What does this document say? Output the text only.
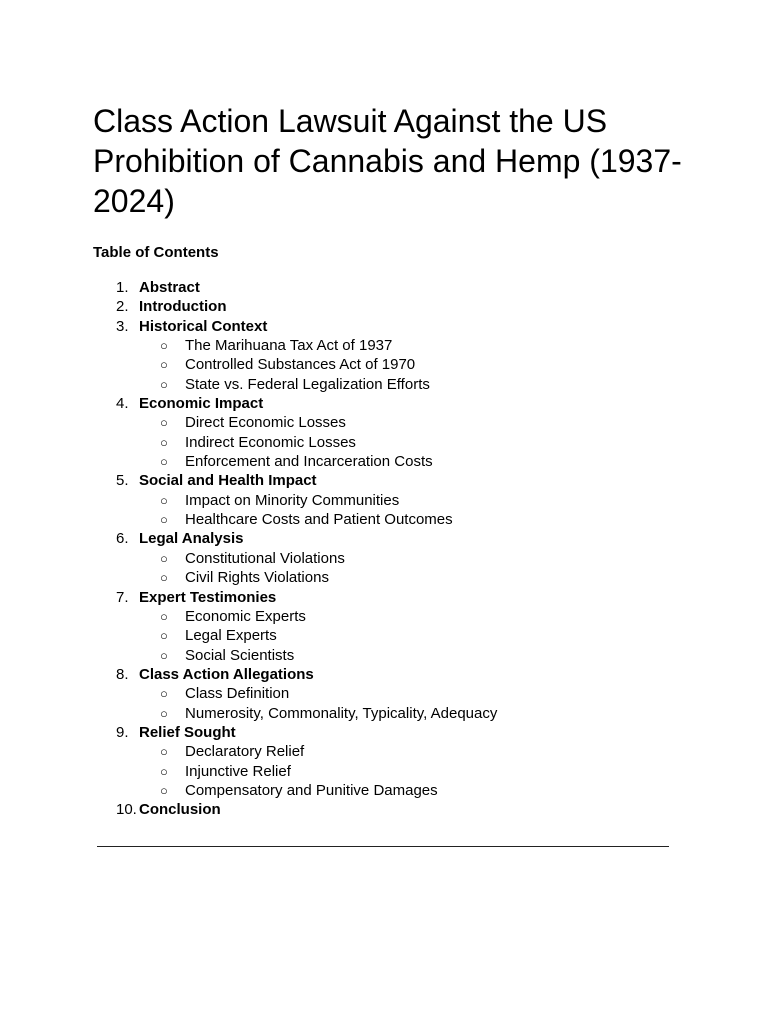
Class Action Lawsuit Against the US Prohibition of Cannabis and Hemp (1937-2024)
Table of Contents
1. Abstract
2. Introduction
3. Historical Context
○ The Marihuana Tax Act of 1937
○ Controlled Substances Act of 1970
○ State vs. Federal Legalization Efforts
4. Economic Impact
○ Direct Economic Losses
○ Indirect Economic Losses
○ Enforcement and Incarceration Costs
5. Social and Health Impact
○ Impact on Minority Communities
○ Healthcare Costs and Patient Outcomes
6. Legal Analysis
○ Constitutional Violations
○ Civil Rights Violations
7. Expert Testimonies
○ Economic Experts
○ Legal Experts
○ Social Scientists
8. Class Action Allegations
○ Class Definition
○ Numerosity, Commonality, Typicality, Adequacy
9. Relief Sought
○ Declaratory Relief
○ Injunctive Relief
○ Compensatory and Punitive Damages
10. Conclusion
